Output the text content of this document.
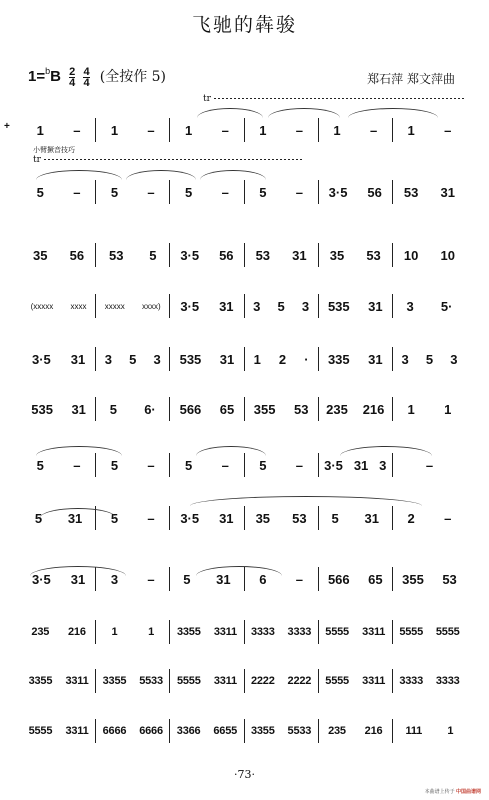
飞驰的犇骏
$1=^bB \frac{2}{4}$
$\frac{4}{4}$ (全按作 5)	郑石萍 郑文萍曲
tr
小臂撅音技巧
tr
+ 1 – 1 – 1 – 1 – 1 – 1 –
5 – 5 – 5 – 5 – 3·5 56 53 31
35 56 53 5 3·5 56 53 31 35 53 10 10
(xxxxx xxxx xxxxx xxxx) 3·5 31 3 5 3 535 31 3 5·
3·5 31 3 5 3 535 31 1 2 · 335 31 3 5 3
535 31 5 6· 566 65 355 53 235 216 1 1
5 – 5 – 5 – 5 – 3·5 31 3	–
5 31 5 – 3·5 31 35 53 5 31 2 –
3·5 31 3 – 5 31 6 – 566 65 355 53
235 216 1	1 3355 3311 3333 3333 5555 3311 5555 5555
3355 3311 3355 5533 5555 3311 2222 2222 5555 3311 3333 3333
5555 3311 6666 6666 3366 6655 3355 5533 235 216 111 1
·73·
本曲谱上传于 中国曲谱网
